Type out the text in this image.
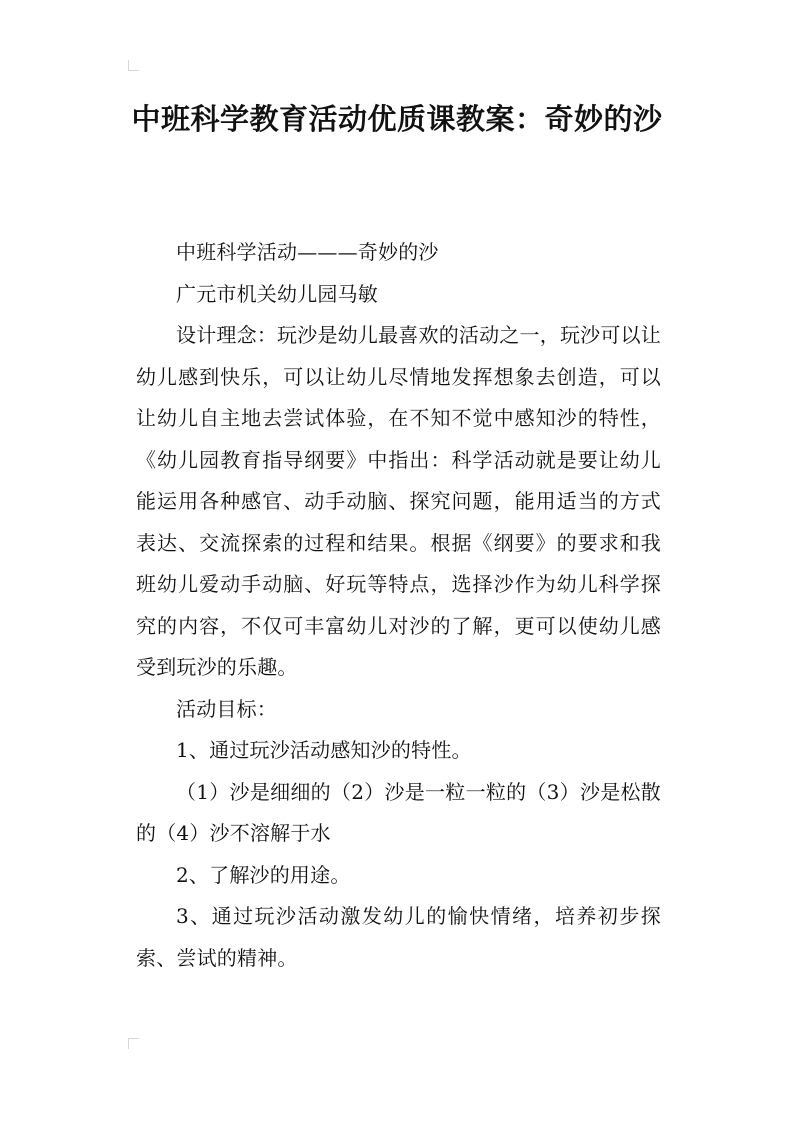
中班科学教育活动优质课教案：奇妙的沙

中班科学活动———奇妙的沙

广元市机关幼儿园马敏

设计理念：玩沙是幼儿最喜欢的活动之一，玩沙可以让幼儿感到快乐，可以让幼儿尽情地发挥想象去创造，可以让幼儿自主地去尝试体验，在不知不觉中感知沙的特性，《幼儿园教育指导纲要》中指出：科学活动就是要让幼儿能运用各种感官、动手动脑、探究问题，能用适当的方式表达、交流探索的过程和结果。根据《纲要》的要求和我班幼儿爱动手动脑、好玩等特点，选择沙作为幼儿科学探究的内容，不仅可丰富幼儿对沙的了解，更可以使幼儿感受到玩沙的乐趣。

活动目标：

1、通过玩沙活动感知沙的特性。

（1）沙是细细的（2）沙是一粒一粒的（3）沙是松散的（4）沙不溶解于水

2、了解沙的用途。

3、通过玩沙活动激发幼儿的愉快情绪，培养初步探索、尝试的精神。
